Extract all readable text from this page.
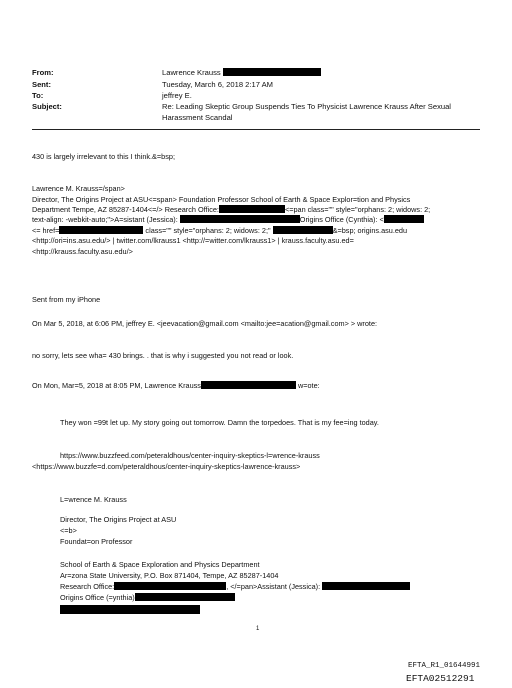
From:	Lawrence Krauss
Sent:	Tuesday, March 6, 2018 2:17 AM
To:	jeffrey E.
Subject:	Re: Leading Skeptic Group Suspends Ties To Physicist Lawrence Krauss After Sexual
Harassment Scandal
430 is largely irrelevant to this I think.&=bsp;
Lawrence M. Krauss=/span>
Director, The Origins Project at ASU<=span> Foundation Professor School of Earth & Space Explor=tion and Physics
Department Tempe, AZ 85287-1404<=/> Research Office:	<=pan class="" style="orphans: 2; widows: 2;
text-align: -webkit-auto;">A=sistant (Jessica):	Origins Office (Cynthia): <
<= href=	class="" style="orphans: 2; widows: 2;"	&=bsp; origins.asu.edu
<http://ori=ins.asu.edu/> | twitter.com/lkrauss1 <http://=witter.com/lkrauss1> | krauss.faculty.asu.ed=
<http://krauss.faculty.asu.edu/>
Sent from my iPhone
On Mar 5, 2018, at 6:06 PM, jeffrey E. <jeevacation@gmail.com <mailto:jee=acation@gmail.com> > wrote:
no sorry, lets see wha= 430 brings. . that is why i suggested you not read or look.
On Mon, Mar=5, 2018 at 8:05 PM, Lawrence Krauss	w=ote:
They won =99t let up. My story going out tomorrow. Damn the torpedoes. That is my fee=ing today.
https://www.buzzfeed.com/peteraldhous/center-inquiry-skeptics-l=wrence-krauss
<https://www.buzzfe=d.com/peteraldhous/center-inquiry-skeptics-lawrence-krauss>
L=wrence M. Krauss
Director, The Origins Project at ASU
<=b>
Foundat=on Professor
School of Earth & Space Exploration and Physics Department
Ar=zona State University, P.O. Box 871404, Tempe, AZ 85287-1404
Research Office:	, </=pan>Assistant (Jessica):
Origins Office (=ynthia)
1
EFTA_R1_01644991
EFTA02512291
